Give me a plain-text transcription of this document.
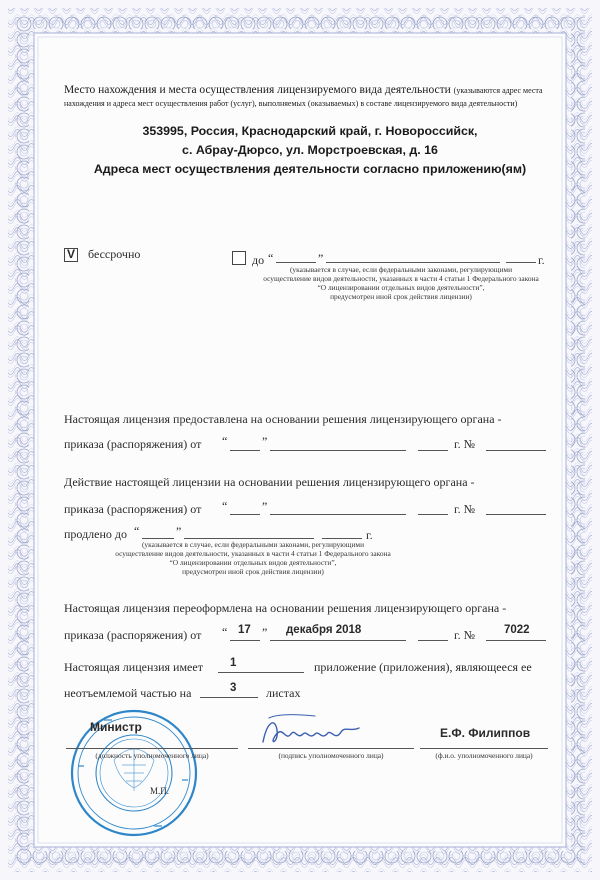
Место нахождения и места осуществления лицензируемого вида деятельности (указываются адрес места нахождения и адреса мест осуществления работ (услуг), выполняемых (оказываемых) в составе лицензируемого вида деятельности)
353995, Россия, Краснодарский край, г. Новороссийск,
с. Абрау-Дюрсо, ул. Морстроевская, д. 16
Адреса мест осуществления деятельности согласно приложению(ям)
V бессрочно	до “	”	г.
(указывается в случае, если федеральными законами, регулирующими
осуществление видов деятельности, указанных в части 4 статьи 1 Федерального закона
“О лицензировании отдельных видов деятельности”,
предусмотрен иной срок действия лицензии)
Настоящая лицензия предоставлена на основании решения лицензирующего органа -
приказа (распоряжения) от “	”	г. №
Действие настоящей лицензии на основании решения лицензирующего органа -
приказа (распоряжения) от “	”	г. №
продлено до “	”	г.
(указывается в случае, если федеральными законами, регулирующими
осуществление видов деятельности, указанных в части 4 статьи 1 Федерального закона
“О лицензировании отдельных видов деятельности”,
предусмотрен иной срок действия лицензии)
Настоящая лицензия переоформлена на основании решения лицензирующего органа -
приказа (распоряжения) от “ 17 ” декабря 2018	г. №	7022
Настоящая лицензия имеет 1	приложение (приложения), являющееся ее
неотъемлемой частью на	3 листах
Министр
(должность уполномоченного лица)	(подпись уполномоченного лица)
Е.Ф. Филиппов
(ф.и.о. уполномоченного лица)
М.П.
